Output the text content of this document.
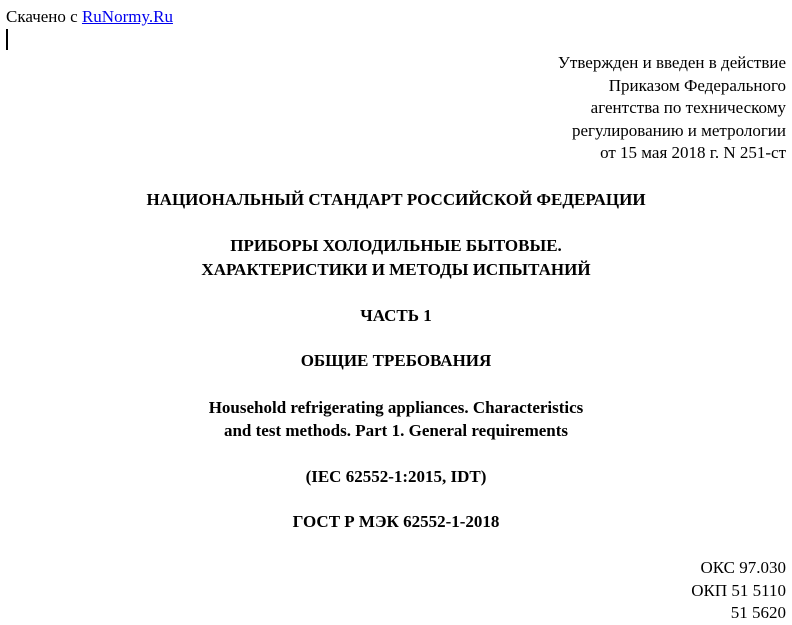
Скачено с RuNormy.Ru
Утвержден и введен в действие
Приказом Федерального
агентства по техническому
регулированию и метрологии
от 15 мая 2018 г. N 251-ст
НАЦИОНАЛЬНЫЙ СТАНДАРТ РОССИЙСКОЙ ФЕДЕРАЦИИ
ПРИБОРЫ ХОЛОДИЛЬНЫЕ БЫТОВЫЕ.
ХАРАКТЕРИСТИКИ И МЕТОДЫ ИСПЫТАНИЙ
ЧАСТЬ 1
ОБЩИЕ ТРЕБОВАНИЯ
Household refrigerating appliances. Characteristics
and test methods. Part 1. General requirements
(IEC 62552-1:2015, IDT)
ГОСТ Р МЭК 62552-1-2018
ОКС 97.030
ОКП 51 5110
51 5620
